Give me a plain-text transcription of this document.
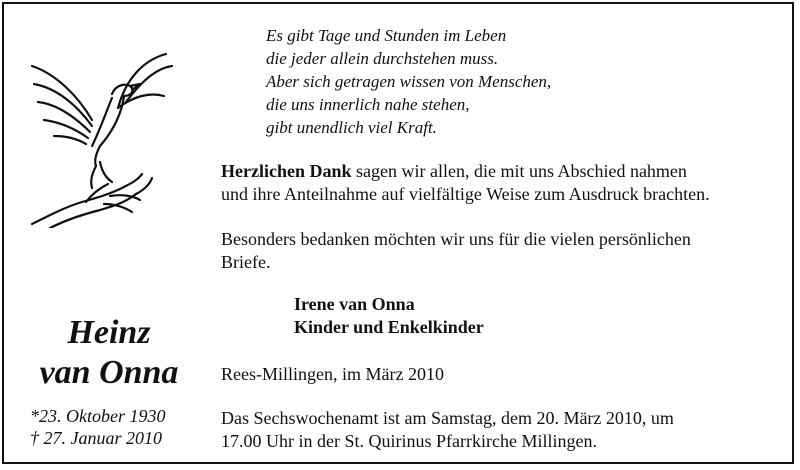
Es gibt Tage und Stunden im Leben
die jeder allein durchstehen muss.
Aber sich getragen wissen von Menschen,
die uns innerlich nahe stehen,
gibt unendlich viel Kraft.
Herzlichen Dank sagen wir allen, die mit uns Abschied nahmen
und ihre Anteilnahme auf vielfältige Weise zum Ausdruck brachten.
Besonders bedanken möchten wir uns für die vielen persönlichen
Briefe.
Irene van Onna
Kinder und Enkelkinder
Rees-Millingen, im März 2010
Das Sechswochenamt ist am Samstag, dem 20. März 2010, um
17.00 Uhr in der St. Quirinus Pfarrkirche Millingen.
Heinz
van Onna
*23. Oktober 1930
† 27. Januar 2010
